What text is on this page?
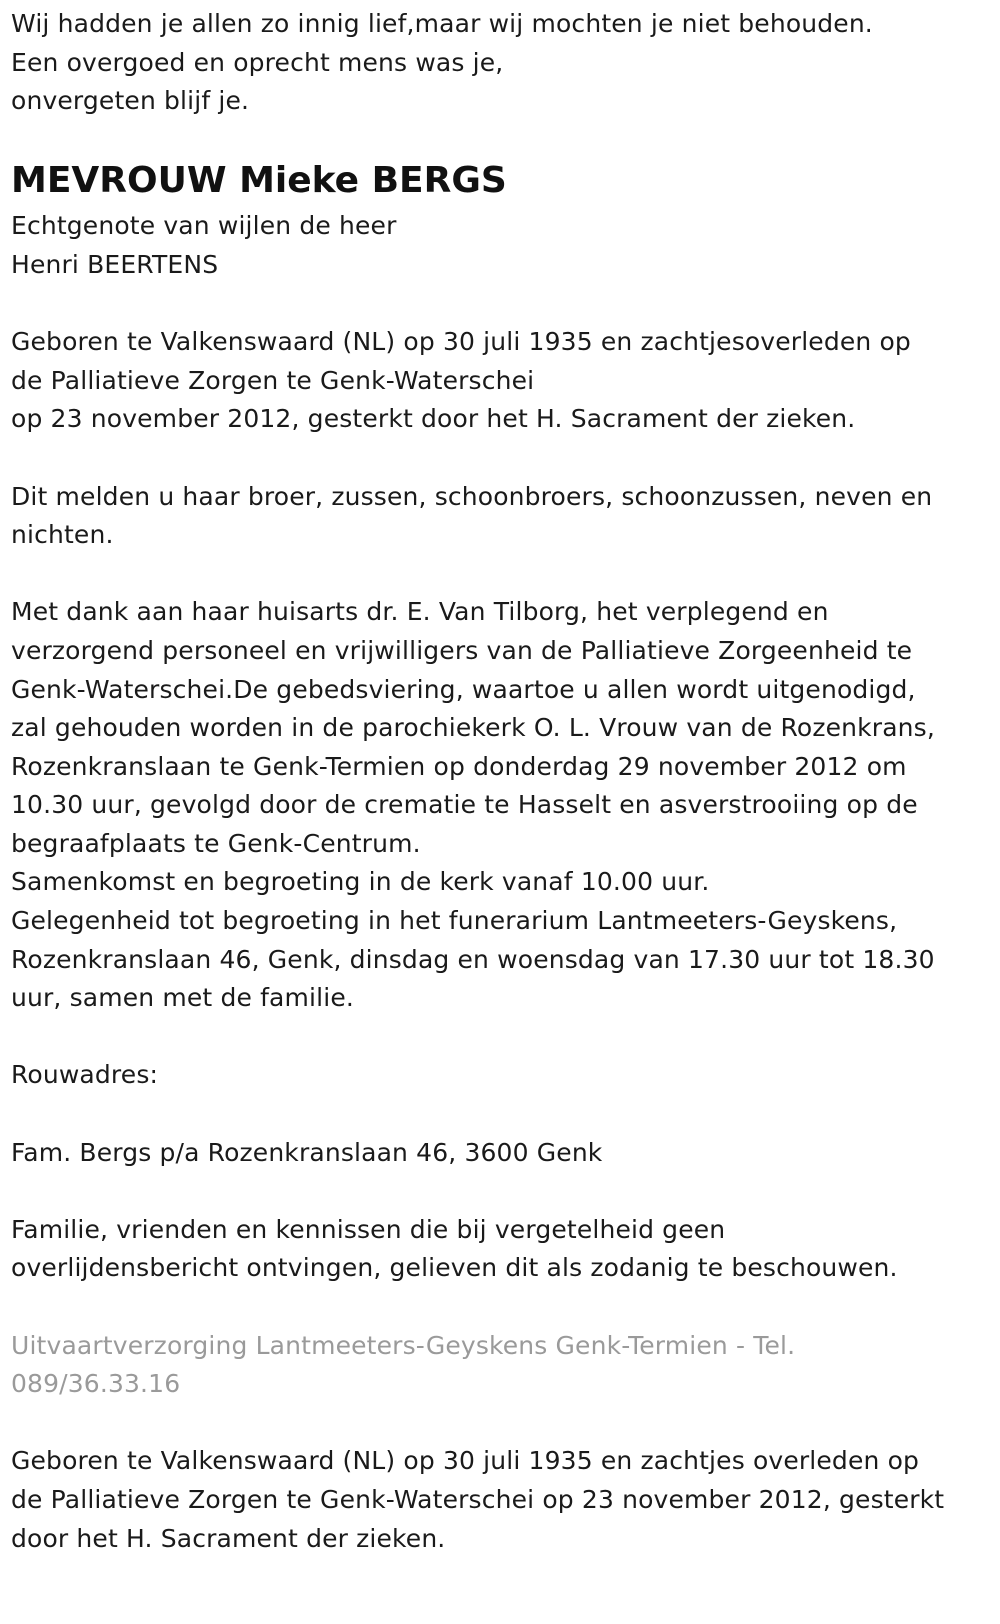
Wij hadden je allen zo innig lief,maar wij mochten je niet behouden.
Een overgoed en oprecht mens was je,
onvergeten blijf je.
MEVROUW Mieke BERGS
Echtgenote van wijlen de heer
Henri BEERTENS
Geboren te Valkenswaard (NL) op 30 juli 1935 en zachtjesoverleden op
de Palliatieve Zorgen te Genk-Waterschei
op 23 november 2012, gesterkt door het H. Sacrament der zieken.
Dit melden u haar broer, zussen, schoonbroers, schoonzussen, neven en
nichten.
Met dank aan haar huisarts dr. E. Van Tilborg, het verplegend en
verzorgend personeel en vrijwilligers van de Palliatieve Zorgeenheid te
Genk-Waterschei.De gebedsviering, waartoe u allen wordt uitgenodigd,
zal gehouden worden in de parochiekerk O. L. Vrouw van de Rozenkrans,
Rozenkranslaan te Genk-Termien op donderdag 29 november 2012 om
10.30 uur, gevolgd door de crematie te Hasselt en asverstrooiing op de
begraafplaats te Genk-Centrum.
Samenkomst en begroeting in de kerk vanaf 10.00 uur.
Gelegenheid tot begroeting in het funerarium Lantmeeters-Geyskens,
Rozenkranslaan 46, Genk, dinsdag en woensdag van 17.30 uur tot 18.30
uur, samen met de familie.
Rouwadres:
Fam. Bergs p/a Rozenkranslaan 46, 3600 Genk
Familie, vrienden en kennissen die bij vergetelheid geen
overlijdensbericht ontvingen, gelieven dit als zodanig te beschouwen.
Uitvaartverzorging Lantmeeters-Geyskens Genk-Termien - Tel.
089/36.33.16
Geboren te Valkenswaard (NL) op 30 juli 1935 en zachtjes overleden op
de Palliatieve Zorgen te Genk-Waterschei op 23 november 2012, gesterkt
door het H. Sacrament der zieken.
